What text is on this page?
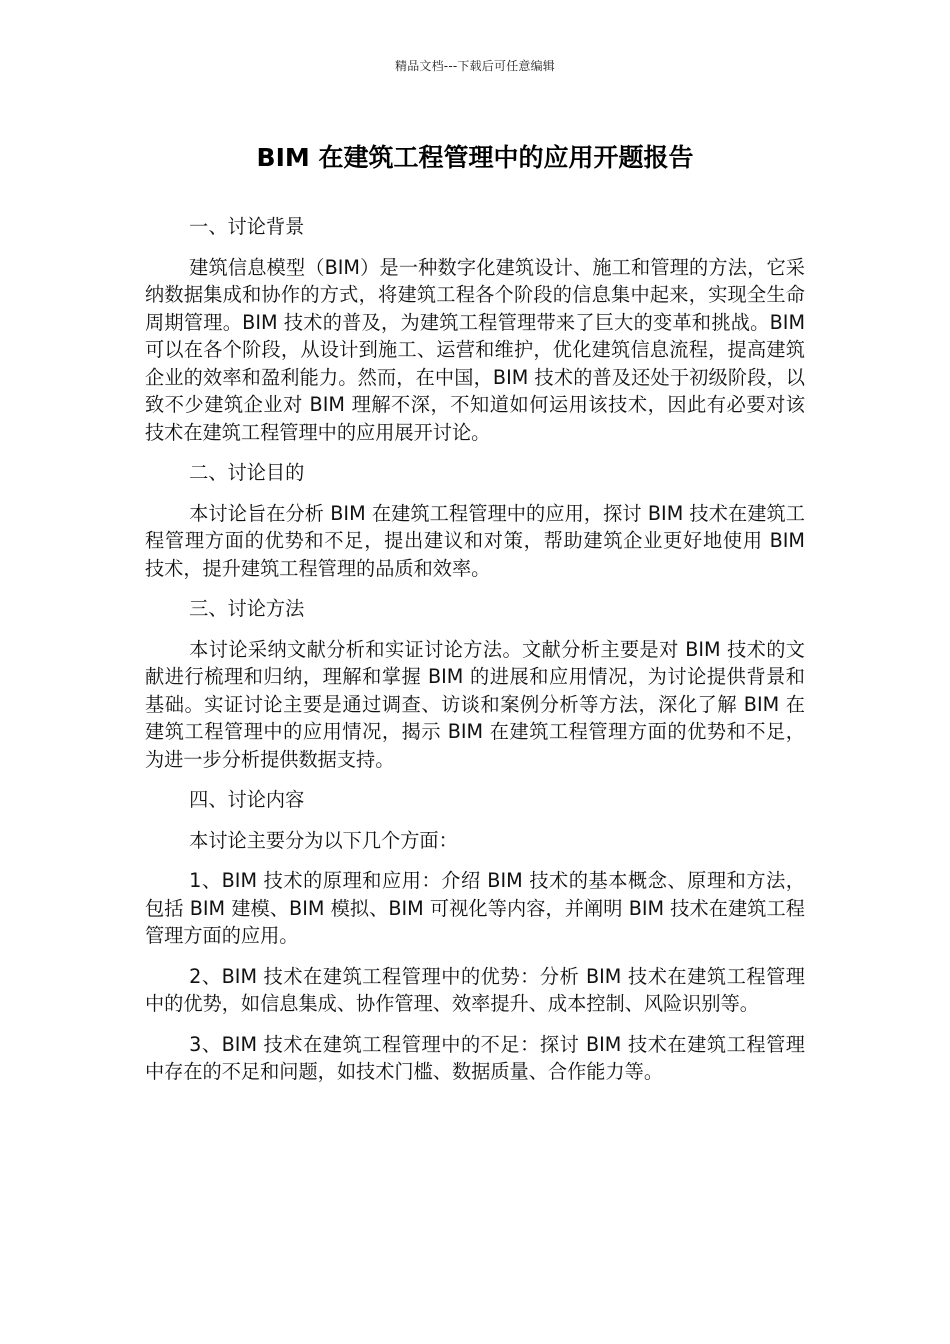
精品文档---下载后可任意编辑
BIM 在建筑工程管理中的应用开题报告
一、讨论背景

建筑信息模型（BIM）是一种数字化建筑设计、施工和管理的方法，它采纳数据集成和协作的方式，将建筑工程各个阶段的信息集中起来，实现全生命周期管理。BIM 技术的普及，为建筑工程管理带来了巨大的变革和挑战。BIM 可以在各个阶段，从设计到施工、运营和维护，优化建筑信息流程，提高建筑企业的效率和盈利能力。然而，在中国，BIM 技术的普及还处于初级阶段，以致不少建筑企业对 BIM 理解不深，不知道如何运用该技术，因此有必要对该技术在建筑工程管理中的应用展开讨论。

二、讨论目的

本讨论旨在分析 BIM 在建筑工程管理中的应用，探讨 BIM 技术在建筑工程管理方面的优势和不足，提出建议和对策，帮助建筑企业更好地使用 BIM 技术，提升建筑工程管理的品质和效率。

三、讨论方法

本讨论采纳文献分析和实证讨论方法。文献分析主要是对 BIM 技术的文献进行梳理和归纳，理解和掌握 BIM 的进展和应用情况，为讨论提供背景和基础。实证讨论主要是通过调查、访谈和案例分析等方法，深化了解 BIM 在建筑工程管理中的应用情况，揭示 BIM 在建筑工程管理方面的优势和不足，为进一步分析提供数据支持。

四、讨论内容

本讨论主要分为以下几个方面：

1、BIM 技术的原理和应用：介绍 BIM 技术的基本概念、原理和方法，包括 BIM 建模、BIM 模拟、BIM 可视化等内容，并阐明 BIM 技术在建筑工程管理方面的应用。

2、BIM 技术在建筑工程管理中的优势：分析 BIM 技术在建筑工程管理中的优势，如信息集成、协作管理、效率提升、成本控制、风险识别等。

3、BIM 技术在建筑工程管理中的不足：探讨 BIM 技术在建筑工程管理中存在的不足和问题，如技术门槛、数据质量、合作能力等。
